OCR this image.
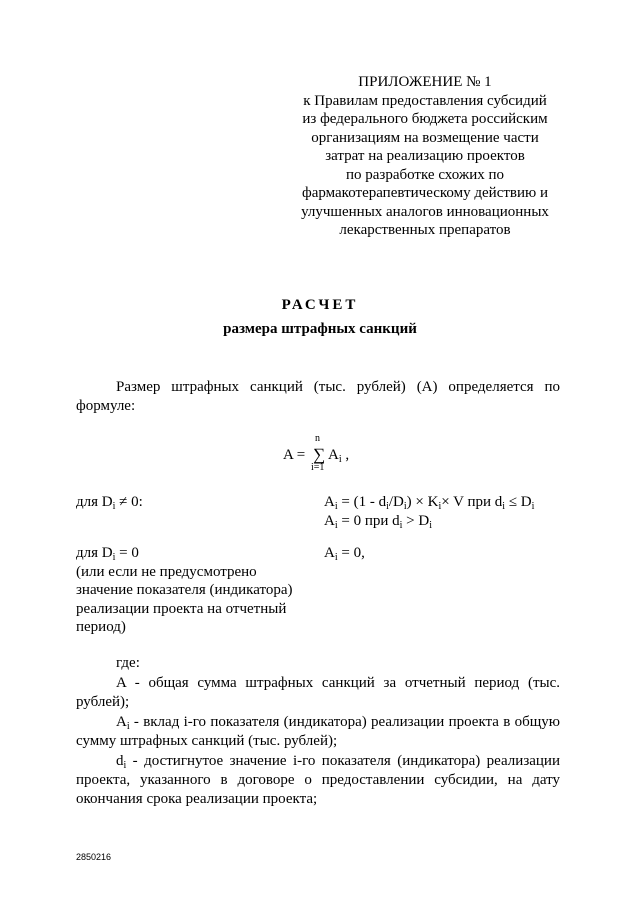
ПРИЛОЖЕНИЕ № 1
к Правилам предоставления субсидий
из федерального бюджета российским
организациям на возмещение части
затрат на реализацию проектов
по разработке схожих по
фармакотерапевтическому действию и
улучшенных аналогов инновационных
лекарственных препаратов
РАСЧЕТ
размера штрафных санкций
Размер штрафных санкций (тыс. рублей) (A) определяется по формуле:
A =
n
∑
i=1
$A_i$ ,
для $D_i \ne 0$:	$A_i = (1 - d_i/D_i) \times K_i\times V$ при $d_i \le D_i$
$A_i = 0$ при $d_i > D_i$
для $D_i = 0$
(или если не предусмотрено
значение показателя (индикатора)
реализации проекта на отчетный
период)
$A_i = 0$,
где:
A - общая сумма штрафных санкций за отчетный период (тыс. рублей);
$A_i$ - вклад i-го показателя (индикатора) реализации проекта в общую сумму штрафных санкций (тыс. рублей);
$d_i$ - достигнутое значение i-го показателя (индикатора) реализации проекта, указанного в договоре о предоставлении субсидии, на дату окончания срока реализации проекта;
2850216
